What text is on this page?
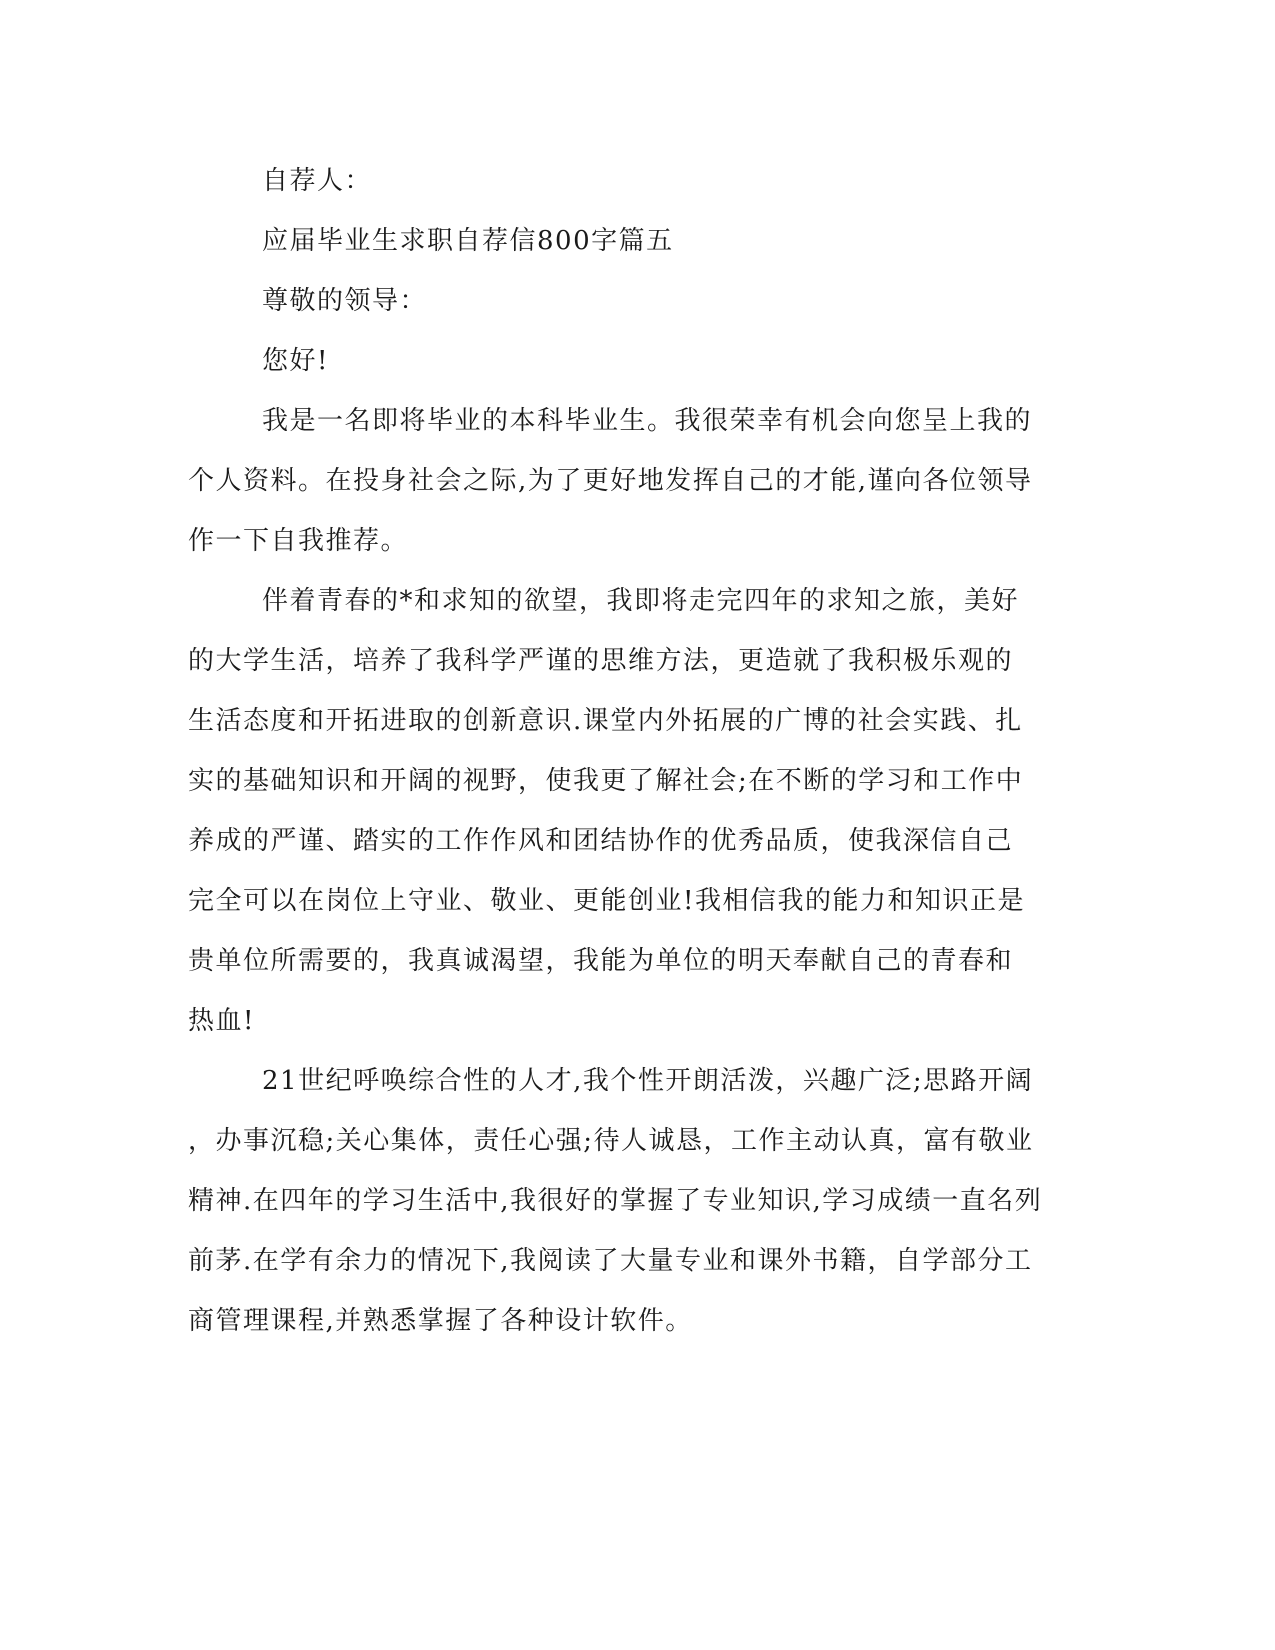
自荐人：

应届毕业生求职自荐信800字篇五

尊敬的领导：

您好!

我是一名即将毕业的本科毕业生。我很荣幸有机会向您呈上我的

个人资料。在投身社会之际,为了更好地发挥自己的才能,谨向各位领导

作一下自我推荐。

伴着青春的*和求知的欲望，我即将走完四年的求知之旅，美好

的大学生活，培养了我科学严谨的思维方法，更造就了我积极乐观的

生活态度和开拓进取的创新意识.课堂内外拓展的广博的社会实践、扎

实的基础知识和开阔的视野，使我更了解社会;在不断的学习和工作中

养成的严谨、踏实的工作作风和团结协作的优秀品质，使我深信自己

完全可以在岗位上守业、敬业、更能创业!我相信我的能力和知识正是

贵单位所需要的，我真诚渴望，我能为单位的明天奉献自己的青春和

热血!

21世纪呼唤综合性的人才,我个性开朗活泼，兴趣广泛;思路开阔

，办事沉稳;关心集体，责任心强;待人诚恳，工作主动认真，富有敬业

精神.在四年的学习生活中,我很好的掌握了专业知识,学习成绩一直名列

前茅.在学有余力的情况下,我阅读了大量专业和课外书籍，自学部分工

商管理课程,并熟悉掌握了各种设计软件。
